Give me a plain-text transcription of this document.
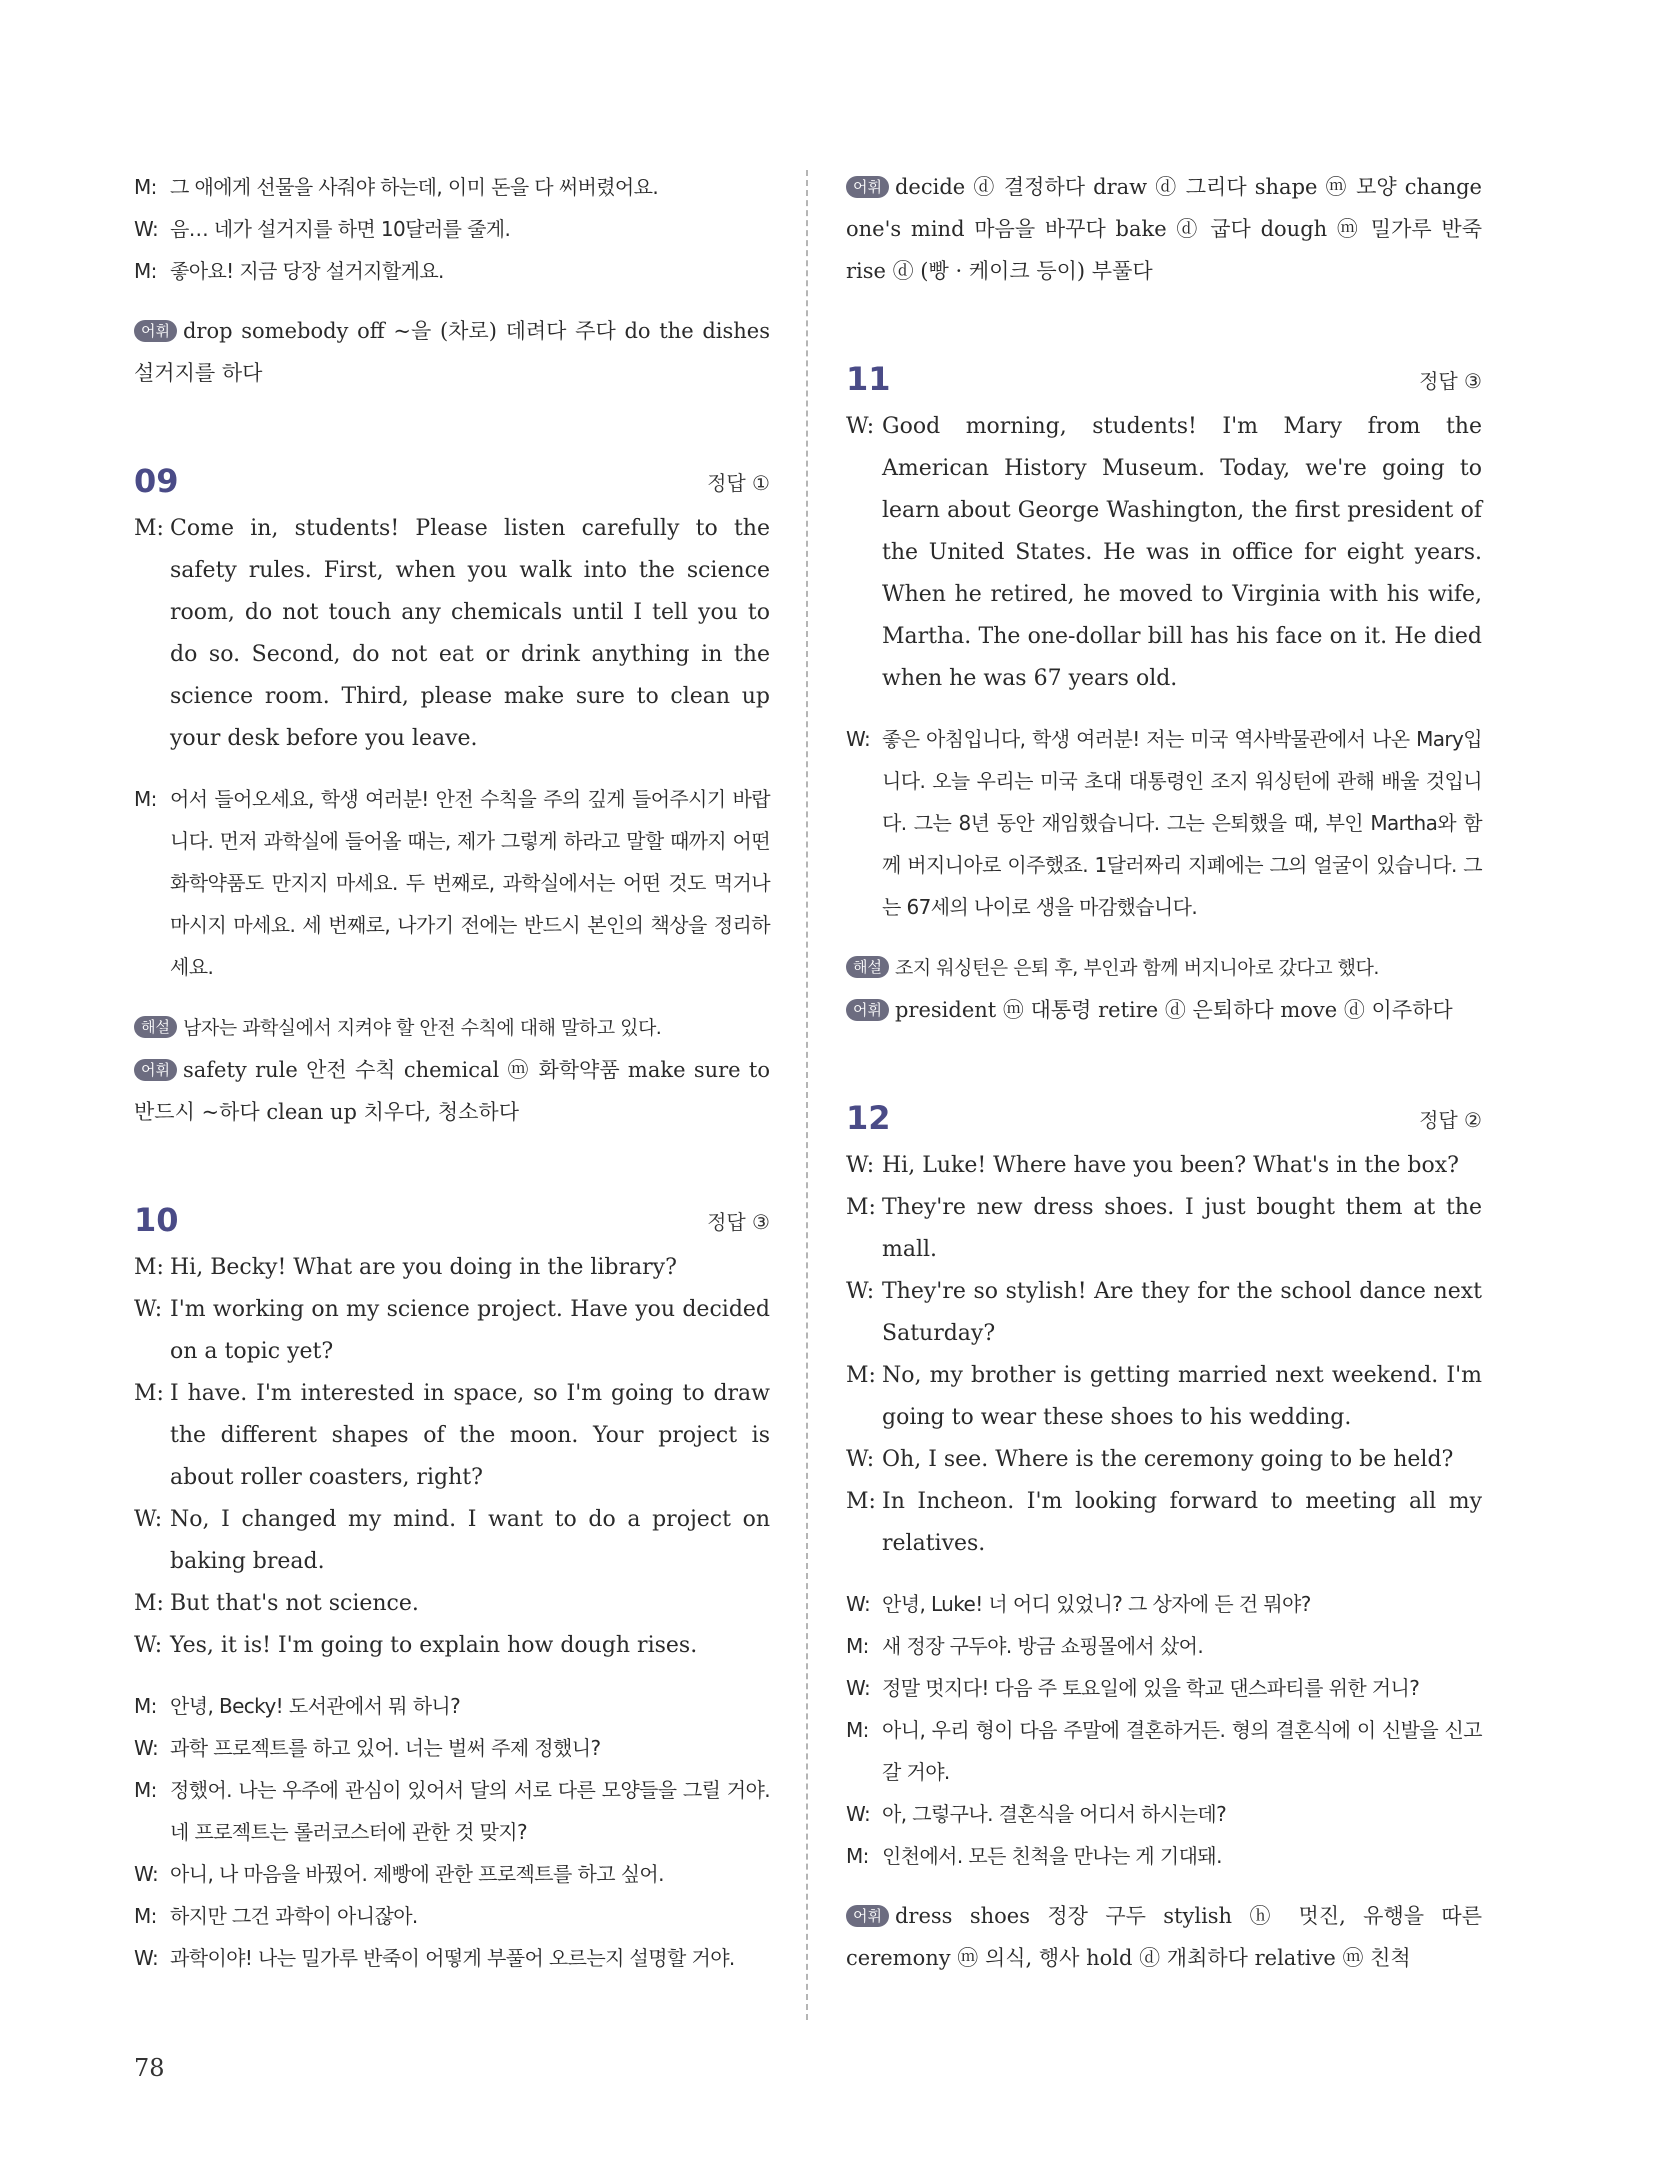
M: 그 애에게 선물을 사줘야 하는데, 이미 돈을 다 써버렸어요.
W: 음… 네가 설거지를 하면 10달러를 줄게.
M: 좋아요! 지금 당장 설거지할게요.
어휘 drop somebody off ~을 (차로) 데려다 주다 do the dishes 설거지를 하다
09	정답 ①
M: Come in, students! Please listen carefully to the safety rules. First, when you walk into the science room, do not touch any chemicals until I tell you to do so. Second, do not eat or drink anything in the science room. Third, please make sure to clean up your desk before you leave.
M: 어서 들어오세요, 학생 여러분! 안전 수칙을 주의 깊게 들어주시기 바랍니다. 먼저 과학실에 들어올 때는, 제가 그렇게 하라고 말할 때까지 어떤 화학약품도 만지지 마세요. 두 번째로, 과학실에서는 어떤 것도 먹거나 마시지 마세요. 세 번째로, 나가기 전에는 반드시 본인의 책상을 정리하세요.
해설 남자는 과학실에서 지켜야 할 안전 수칙에 대해 말하고 있다.
어휘 safety rule 안전 수칙 chemical ⓜ 화학약품 make sure to 반드시 ~하다 clean up 치우다, 청소하다
10	정답 ③
M: Hi, Becky! What are you doing in the library?
W: I'm working on my science project. Have you decided on a topic yet?
M: I have. I'm interested in space, so I'm going to draw the different shapes of the moon. Your project is about roller coasters, right?
W: No, I changed my mind. I want to do a project on baking bread.
M: But that's not science.
W: Yes, it is! I'm going to explain how dough rises.
M: 안녕, Becky! 도서관에서 뭐 하니?
W: 과학 프로젝트를 하고 있어. 너는 벌써 주제 정했니?
M: 정했어. 나는 우주에 관심이 있어서 달의 서로 다른 모양들을 그릴 거야. 네 프로젝트는 롤러코스터에 관한 것 맞지?
W: 아니, 나 마음을 바꿨어. 제빵에 관한 프로젝트를 하고 싶어.
M: 하지만 그건 과학이 아니잖아.
W: 과학이야! 나는 밀가루 반죽이 어떻게 부풀어 오르는지 설명할 거야.
어휘 decide ⓓ 결정하다 draw ⓓ 그리다 shape ⓜ 모양 change one's mind 마음을 바꾸다 bake ⓓ 굽다 dough ⓜ 밀가루 반죽 rise ⓓ (빵 · 케이크 등이) 부풀다
11	정답 ③
W: Good morning, students! I'm Mary from the American History Museum. Today, we're going to learn about George Washington, the first president of the United States. He was in office for eight years. When he retired, he moved to Virginia with his wife, Martha. The one-dollar bill has his face on it. He died when he was 67 years old.
W: 좋은 아침입니다, 학생 여러분! 저는 미국 역사박물관에서 나온 Mary입니다. 오늘 우리는 미국 초대 대통령인 조지 워싱턴에 관해 배울 것입니다. 그는 8년 동안 재임했습니다. 그는 은퇴했을 때, 부인 Martha와 함께 버지니아로 이주했죠. 1달러짜리 지폐에는 그의 얼굴이 있습니다. 그는 67세의 나이로 생을 마감했습니다.
해설 조지 워싱턴은 은퇴 후, 부인과 함께 버지니아로 갔다고 했다.
어휘 president ⓜ 대통령 retire ⓓ 은퇴하다 move ⓓ 이주하다
12	정답 ②
W: Hi, Luke! Where have you been? What's in the box?
M: They're new dress shoes. I just bought them at the mall.
W: They're so stylish! Are they for the school dance next Saturday?
M: No, my brother is getting married next weekend. I'm going to wear these shoes to his wedding.
W: Oh, I see. Where is the ceremony going to be held?
M: In Incheon. I'm looking forward to meeting all my relatives.
W: 안녕, Luke! 너 어디 있었니? 그 상자에 든 건 뭐야?
M: 새 정장 구두야. 방금 쇼핑몰에서 샀어.
W: 정말 멋지다! 다음 주 토요일에 있을 학교 댄스파티를 위한 거니?
M: 아니, 우리 형이 다음 주말에 결혼하거든. 형의 결혼식에 이 신발을 신고 갈 거야.
W: 아, 그렇구나. 결혼식을 어디서 하시는데?
M: 인천에서. 모든 친척을 만나는 게 기대돼.
어휘 dress shoes 정장 구두 stylish ⓗ 멋진, 유행을 따른 ceremony ⓜ 의식, 행사 hold ⓓ 개최하다 relative ⓜ 친척
78
